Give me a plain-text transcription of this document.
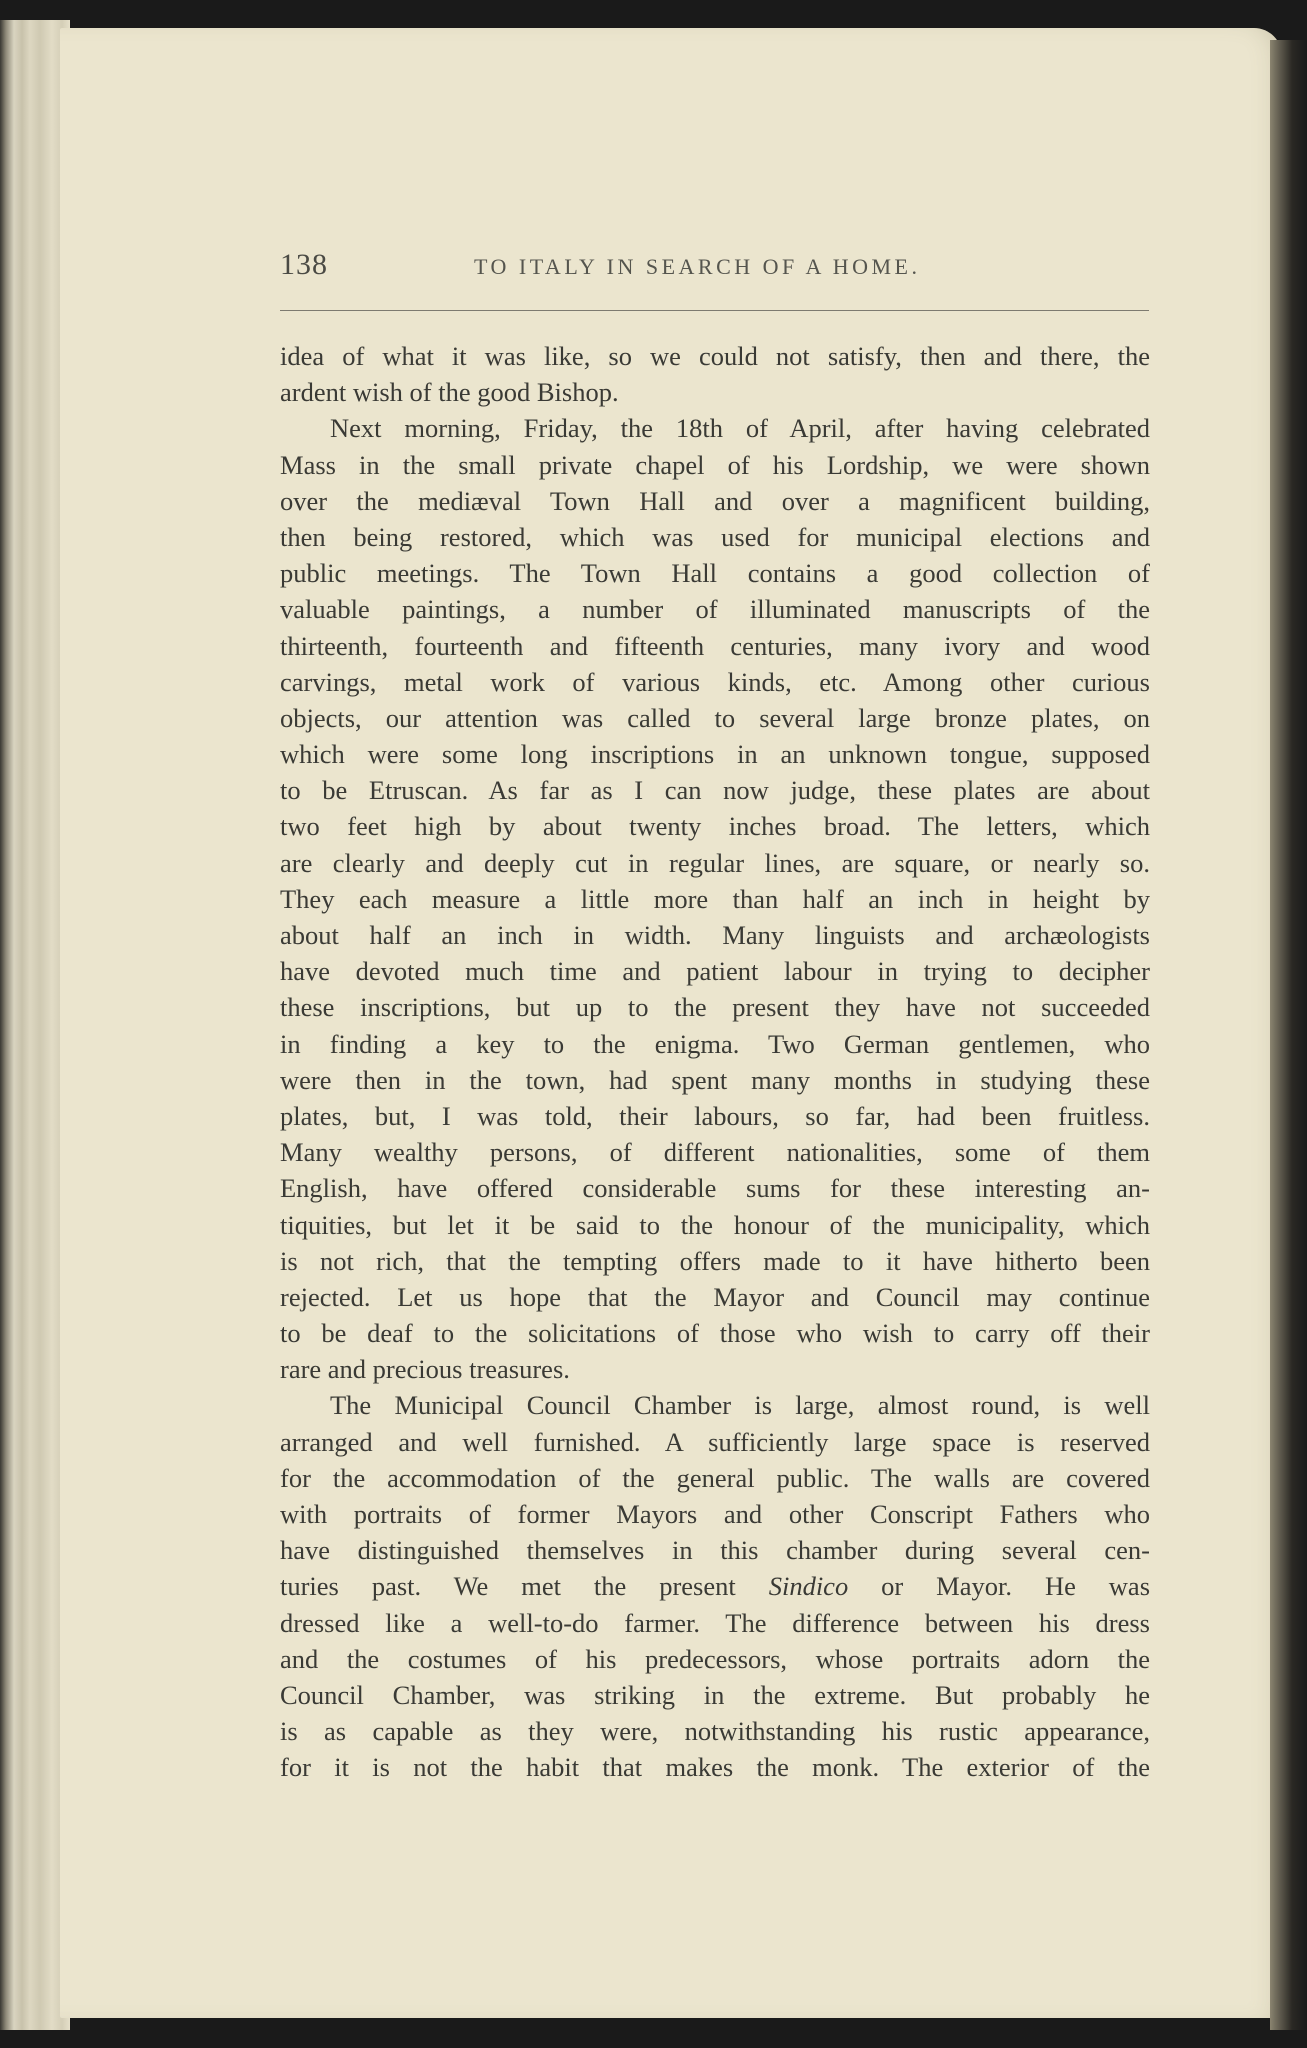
138	TO ITALY IN SEARCH OF A HOME.
idea of what it was like, so we could not satisfy, then and there, the
ardent wish of the good Bishop.
Next morning, Friday, the 18th of April, after having celebrated
Mass in the small private chapel of his Lordship, we were shown
over the mediæval Town Hall and over a magnificent building,
then being restored, which was used for municipal elections and
public meetings. The Town Hall contains a good collection of
valuable paintings, a number of illuminated manuscripts of the
thirteenth, fourteenth and fifteenth centuries, many ivory and wood
carvings, metal work of various kinds, etc. Among other curious
objects, our attention was called to several large bronze plates, on
which were some long inscriptions in an unknown tongue, supposed
to be Etruscan. As far as I can now judge, these plates are about
two feet high by about twenty inches broad. The letters, which
are clearly and deeply cut in regular lines, are square, or nearly so.
They each measure a little more than half an inch in height by
about half an inch in width. Many linguists and archæologists
have devoted much time and patient labour in trying to decipher
these inscriptions, but up to the present they have not succeeded
in finding a key to the enigma. Two German gentlemen, who
were then in the town, had spent many months in studying these
plates, but, I was told, their labours, so far, had been fruitless.
Many wealthy persons, of different nationalities, some of them
English, have offered considerable sums for these interesting an-
tiquities, but let it be said to the honour of the municipality, which
is not rich, that the tempting offers made to it have hitherto been
rejected. Let us hope that the Mayor and Council may continue
to be deaf to the solicitations of those who wish to carry off their
rare and precious treasures.
The Municipal Council Chamber is large, almost round, is well
arranged and well furnished. A sufficiently large space is reserved
for the accommodation of the general public. The walls are covered
with portraits of former Mayors and other Conscript Fathers who
have distinguished themselves in this chamber during several cen-
turies past. We met the present Sindico or Mayor. He was
dressed like a well-to-do farmer. The difference between his dress
and the costumes of his predecessors, whose portraits adorn the
Council Chamber, was striking in the extreme. But probably he
is as capable as they were, notwithstanding his rustic appearance,
for it is not the habit that makes the monk. The exterior of the
